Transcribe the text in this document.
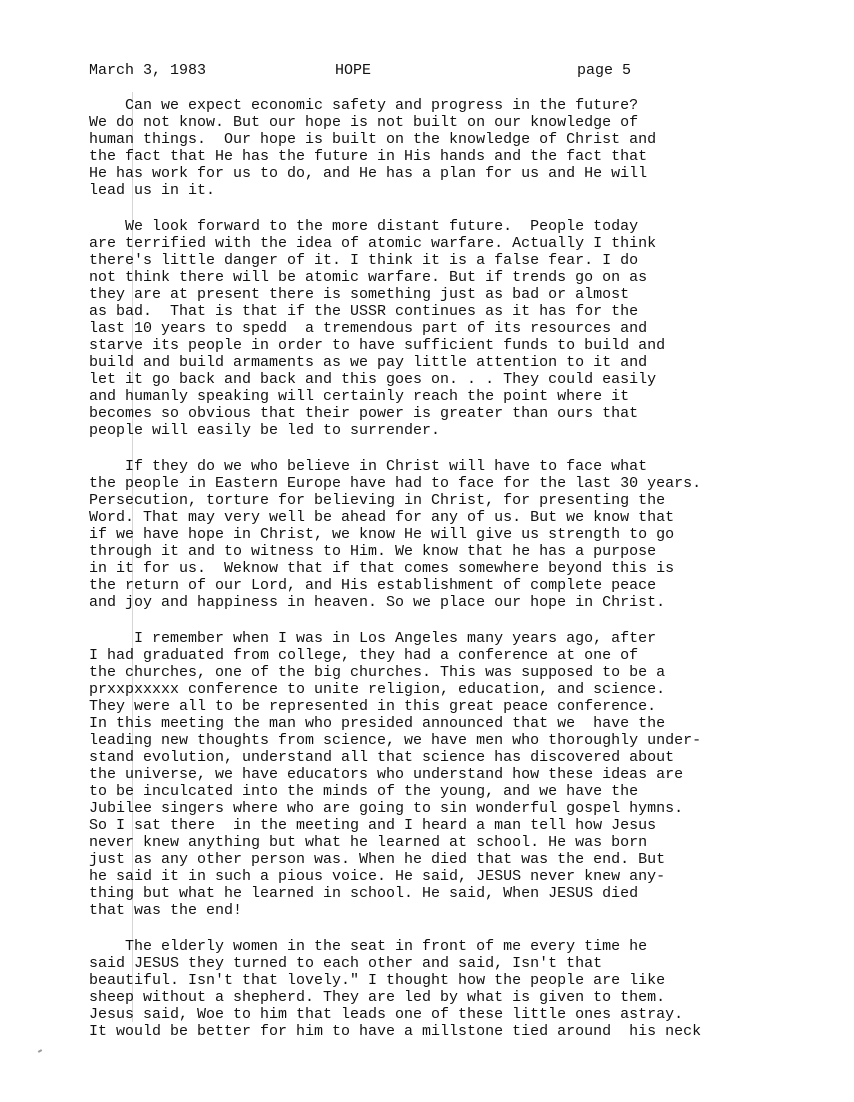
March 3, 1983	HOPE	page 5
Can we expect economic safety and progress in the future?
We do not know. But our hope is not built on our knowledge of
human things.  Our hope is built on the knowledge of Christ and
the fact that He has the future in His hands and the fact that
He has work for us to do, and He has a plan for us and He will
lead us in it.
We look forward to the more distant future.  People today
are terrified with the idea of atomic warfare. Actually I think
there's little danger of it. I think it is a false fear. I do
not think there will be atomic warfare. But if trends go on as
they are at present there is something just as bad or almost
as bad.  That is that if the USSR continues as it has for the
last 10 years to spedd  a tremendous part of its resources and
starve its people in order to have sufficient funds to build and
build and build armaments as we pay little attention to it and
let it go back and back and this goes on. . . They could easily
and humanly speaking will certainly reach the point where it
becomes so obvious that their power is greater than ours that
people will easily be led to surrender.
If they do we who believe in Christ will have to face what
the people in Eastern Europe have had to face for the last 30 years.
Persecution, torture for believing in Christ, for presenting the
Word. That may very well be ahead for any of us. But we know that
if we have hope in Christ, we know He will give us strength to go
through it and to witness to Him. We know that he has a purpose
in it for us.  Weknow that if that comes somewhere beyond this is
the return of our Lord, and His establishment of complete peace
and joy and happiness in heaven. So we place our hope in Christ.
I remember when I was in Los Angeles many years ago, after
I had graduated from college, they had a conference at one of
the churches, one of the big churches. This was supposed to be a
prxxpxxxxx conference to unite religion, education, and science.
They were all to be represented in this great peace conference.
In this meeting the man who presided announced that we  have the
leading new thoughts from science, we have men who thoroughly under-
stand evolution, understand all that science has discovered about
the universe, we have educators who understand how these ideas are
to be inculcated into the minds of the young, and we have the
Jubilee singers where who are going to sin wonderful gospel hymns.
So I sat there  in the meeting and I heard a man tell how Jesus
never knew anything but what he learned at school. He was born
just as any other person was. When he died that was the end. But
he said it in such a pious voice. He said, JESUS never knew any-
thing but what he learned in school. He said, When JESUS died
that was the end!
The elderly women in the seat in front of me every time he
said JESUS they turned to each other and said, Isn't that
beautiful. Isn't that lovely." I thought how the people are like
sheep without a shepherd. They are led by what is given to them.
Jesus said, Woe to him that leads one of these little ones astray.
It would be better for him to have a millstone tied around  his neck
